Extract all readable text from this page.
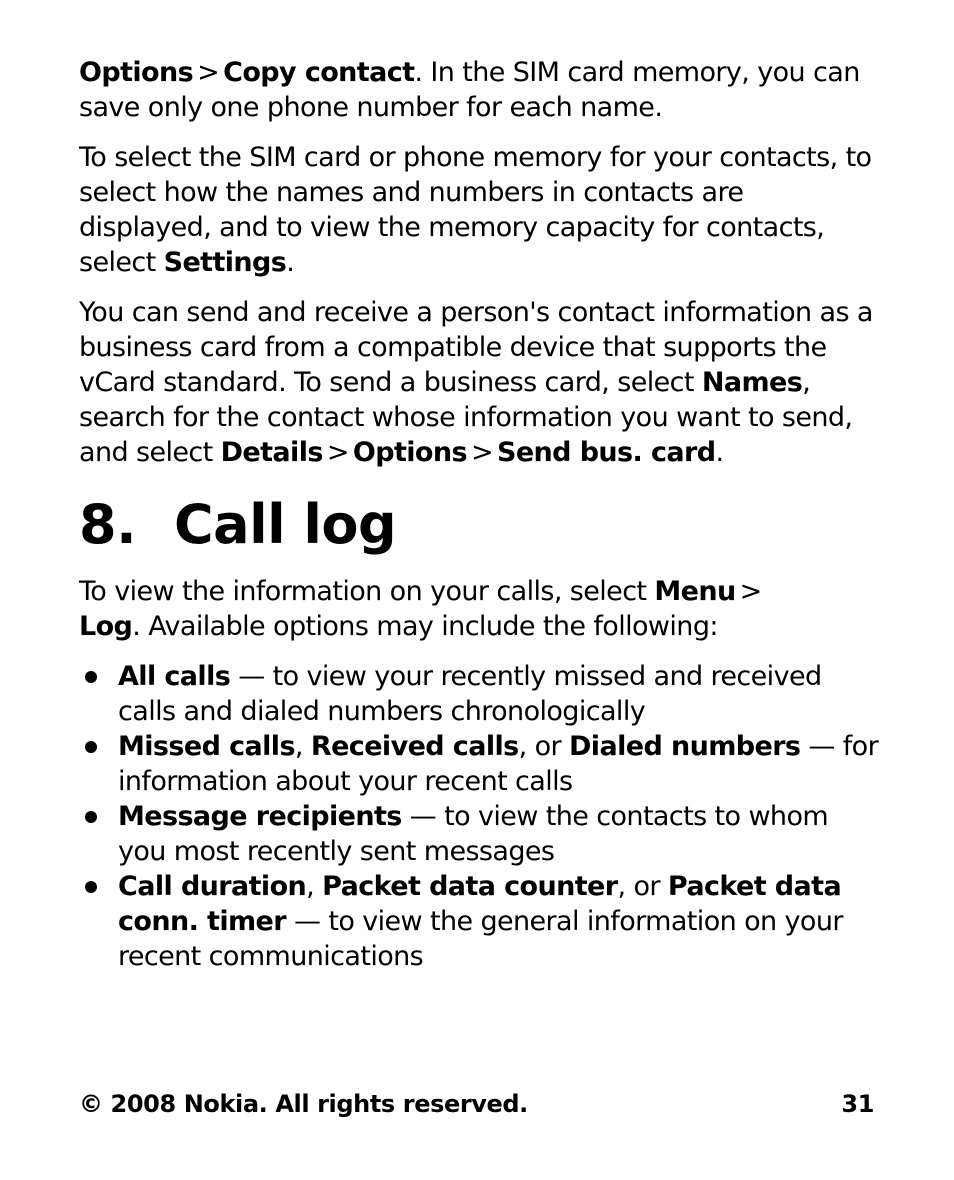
Options > Copy contact. In the SIM card memory, you can save only one phone number for each name.

To select the SIM card or phone memory for your contacts, to select how the names and numbers in contacts are displayed, and to view the memory capacity for contacts, select Settings.

You can send and receive a person's contact information as a business card from a compatible device that supports the vCard standard. To send a business card, select Names, search for the contact whose information you want to send, and select Details > Options > Send bus. card.

8. Call log

To view the information on your calls, select Menu >
Log. Available options may include the following:

All calls — to view your recently missed and received calls and dialed numbers chronologically
Missed calls, Received calls, or Dialed numbers — for information about your recent calls
Message recipients — to view the contacts to whom you most recently sent messages
Call duration, Packet data counter, or Packet data conn. timer — to view the general information on your recent communications
© 2008 Nokia. All rights reserved.	31
